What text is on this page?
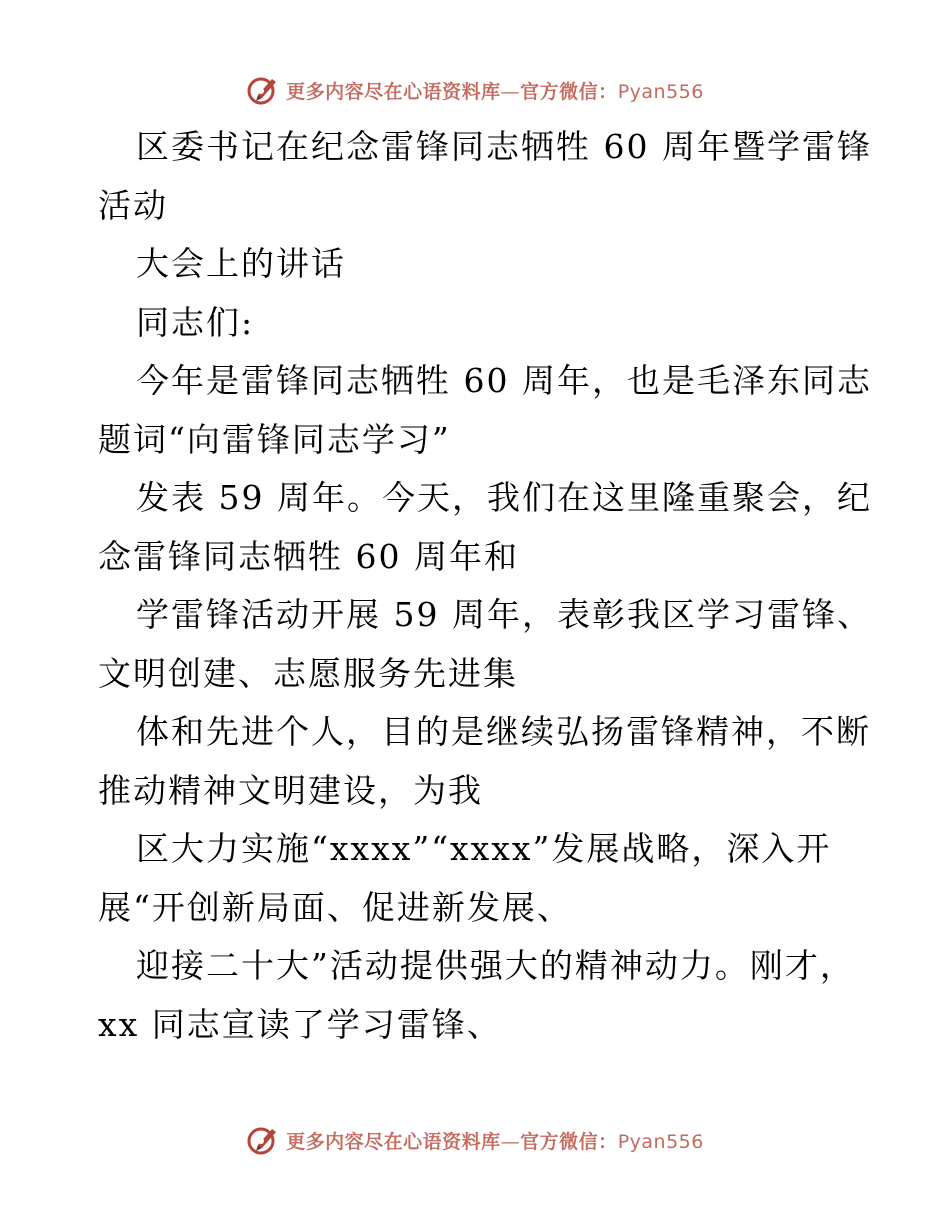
更多内容尽在心语资料库—官方微信：Pyan556
区委书记在纪念雷锋同志牺牲 60 周年暨学雷锋
活动
大会上的讲话
同志们:
今年是雷锋同志牺牲 60 周年，也是毛泽东同志
题词“向雷锋同志学习”
发表 59 周年。今天，我们在这里隆重聚会，纪
念雷锋同志牺牲 60 周年和
学雷锋活动开展 59 周年，表彰我区学习雷锋、
文明创建、志愿服务先进集
体和先进个人，目的是继续弘扬雷锋精神，不断
推动精神文明建设，为我
区大力实施“xxxx”“xxxx”发展战略，深入开
展“开创新局面、促进新发展、
迎接二十大”活动提供强大的精神动力。刚才，
xx 同志宣读了学习雷锋、
更多内容尽在心语资料库—官方微信：Pyan556
